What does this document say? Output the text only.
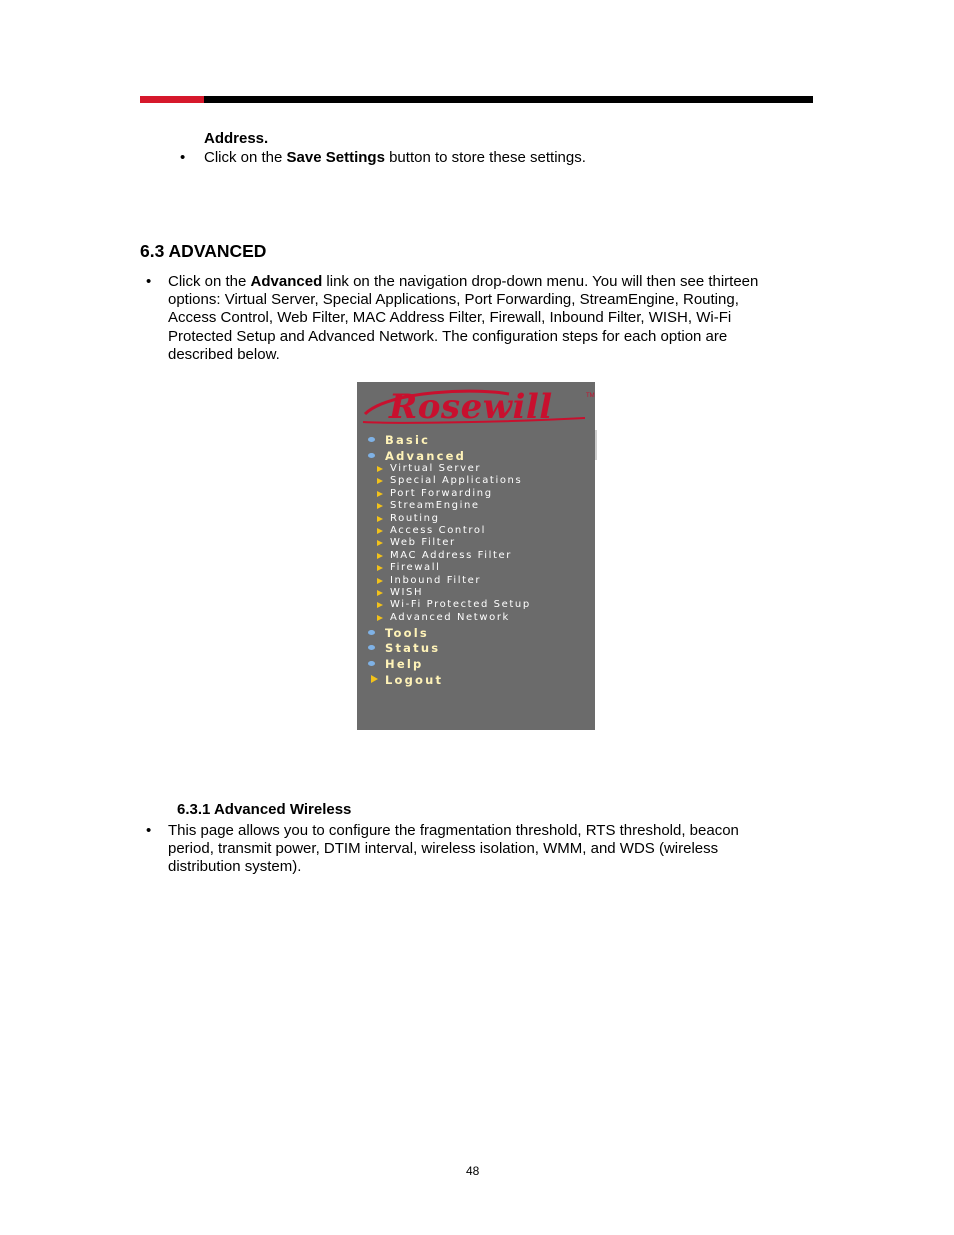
Address.
• Click on the Save Settings button to store these settings.
6.3 ADVANCED
• Click on the Advanced link on the navigation drop-down menu. You will then see thirteen

options: Virtual Server, Special Applications, Port Forwarding, StreamEngine, Routing,

Access Control, Web Filter, MAC Address Filter, Firewall, Inbound Filter, WISH, Wi-Fi

Protected Setup and Advanced Network. The configuration steps for each option are

described below.

Rosewill	TM
Basic
Advanced
Virtual Server
Special Applications
Port Forwarding
StreamEngine
Routing
Access Control
Web Filter
MAC Address Filter
Firewall
Inbound Filter
WISH
Wi-Fi Protected Setup
Advanced Network
Tools
Status
Help
Logout
6.3.1 Advanced Wireless
• This page allows you to configure the fragmentation threshold, RTS threshold, beacon

period, transmit power, DTIM interval, wireless isolation, WMM, and WDS (wireless

distribution system).

48
